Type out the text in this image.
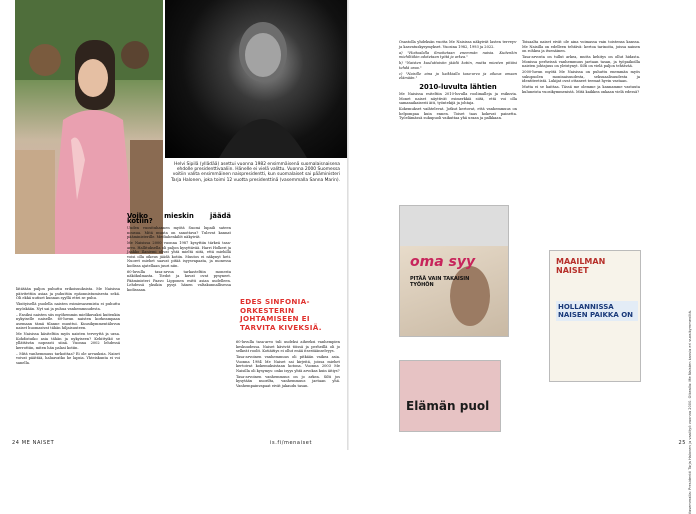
Helvi Sipilä (yllädää) asettui vuonna 1982 ensimmäisenä suomalaisnaisena ehdolle presidenttivaaliin. Hänelle ei vielä valittu. Vuonna 2000 Suomessa voitiin valita ensimmäinen naispresidentti, kun suomalaiset sai pääministeri Tarja Halonen, joka toimi 12 vuotta presidenttinä (vasemmalla Sanna Marin).

lätätään paljon puhuttu erikoisuuksista. Me Naisissa päivitettiin asiaa ja puhuttiin epäonnistumisesta sekä. Oli ekkä uutiset kunnan syyllä ettei se puhu.

Yksityisellä puolella naisten esimiesasemista ei puhuttu myöskään. Nyt sai ja puhua vanhemmuudesta.

– Ensiksi naisten siis myöhemmin mielikuvaksi kuitenkin nykyiselle naiselle. 60-luvun naisten korkeampaan asemaan tämä tilanne muuttui. Kuusikymmentäluvun naiset huomasivat tähän hiljaisuuteen.

Me Naisissa käsiteltiin myös naisten terveyttä ja uraa. Kohdistuiko asia tähän ja nykyiseen? Kehittyikö se yllättävän nopeasti siinä. Vuonna 2002 lehdessä kerrottiin, miten hän palasi kotiin.

– Mitä vanhemmuus tarkoittaa? Ei ole arvauksia. Naiset voivat päättää, haluavatko he lapsia. Yhteiskunta ei voi sanella.

Voiko mieskin jäädä kotiin?

Uuden vuosituhannen myötä Suomi lupaili sateen nousua. Mitä muuta on sanottava? Tulevat kannat pääministerille. Mediahenkilöt näkyivät.

Me Naisissa 2000 vuonna 1987 kysyttiin tärkeä tasa-arvo. Hallituksella oli paljon kysyttävää. Harri Holkeri ja Jaakko Ilaniemi olivat yhtä mieltä siitä, että miehillä voisi olla oikeus jäädä kotiin. Muutos ei näkynyt heti. Nuoret miehet saavat pitää isyysvapaata, ja monessa kodissa ajatellaan juuri niin.

60-luvulla tasa-arvoa tarkasteltiin monesta näkökulmasta. Tiedot ja kuvat ovat pysyneet. Pääministeri Paavo Lipponen esitti asian uudelleen. Lehdessä yksikin pysyi hänen valtakunnallisessa kodissaan.

EDES SINFONIA-ORKESTERIN JOHTAMISEEN EI TARVITA KIVEKSIÄ.

60-luvulla tasa-arvo tuli uudeksi aiheeksi vanhempien keskuudessa. Naiset kävivät töissä ja perheillä oli jo selkeät roolit. Kotiäitiys ei ollut enää itsestäänselvyys.

Tasa-arvoinen vanhemmuus oli pitkään vaikea asia. Vuonna 1984 Me Naiset sai kirjeitä, joissa miehet kertoivat kokemuksistaan kotona. Vuonna 2003 Me Naisilla oli kysymys: onko isyys yhtä arvokas kuin äitiys?

Tasa-arvoinen vanhemmuus on jo arkea. Silti jos kysytään nuorilta, vanhemmuus jaetaan yhä. Vanhempainvapaat eivät jakaudu tasan.

24 ME NAISET	is.fi/menaiset

Osastolla yhdeksän vuotta Me Naisissa näkyivät lasten terveys- ja kasvatuskysymykset. Vuosina 1982, 1993 ja 2022.

a) "Hoitoalalla ilmoitetaan enemmän naisia. Kuitenkin miehiltäkin odotetaan työtä ja arkea."

b) "Naisten kuuluttaisiin jäädä kotiin, mutta miesten pitäisi tehdä uraa."

c) "Naisille aina ja kaikkialla tasa-arvo ja oikeus omaan elämään."

2010-luvulta lähtien

Me Naisissa esiteltiin 2010-luvulla roolimalleja ja esikuvia. Monet naiset näyttivät esimerkkiä siitä, että voi olla samanaikaisesti äiti, työntekijä ja johtaja.

Kokemukset vaihtelevat. Jotkut kertovat, että vanhemmuus on helpompaa kuin ennen. Toiset taas kokevat painetta. Työelämässä sukupuoli vaikuttaa yhä uraan ja palkkaan.

Toisaalta naiset eivät ole aina voimassa vain toistensa kanssa. Me Naisilla on edelleen tehtävä: kertoa tarinoita, joissa nainen on rohkea ja itsenäinen.

Tasa-arvosta on tullut arkea, mutta kehitys on ollut hidasta. Monissa perheissä vanhemmuus jaetaan tasan, ja työpaikoilla naisten johtajuus on yleistynyt. Silti on vielä paljon tehtävää.

2000-luvun myötä Me Naisissa on puhuttu enemmän myös sukupuolen moninaisuudesta, seksuaalisuudesta ja identiteetistä. Lukijat ovat ottaneet teemat hyvin vastaan.

Mutta ei se haittaa. Tässä me olemme ja kannamme vastuuta kuluneista vuosikymmenistä. Mitä kaikkea onkaan vielä edessä?

oma syy
PITÄÄ VAIN TAKAISIN TYÖHÖN
MAAILMAN NAISET
HOLLANNISSA NAISEN PAIKKA ON
Elämän puol	Vasemmalla: Presidentti Tarja Halonen ja vaalityö vuonna 2000. Oikealla: Me Naisten kansia eri vuosikymmeniltä.
25
